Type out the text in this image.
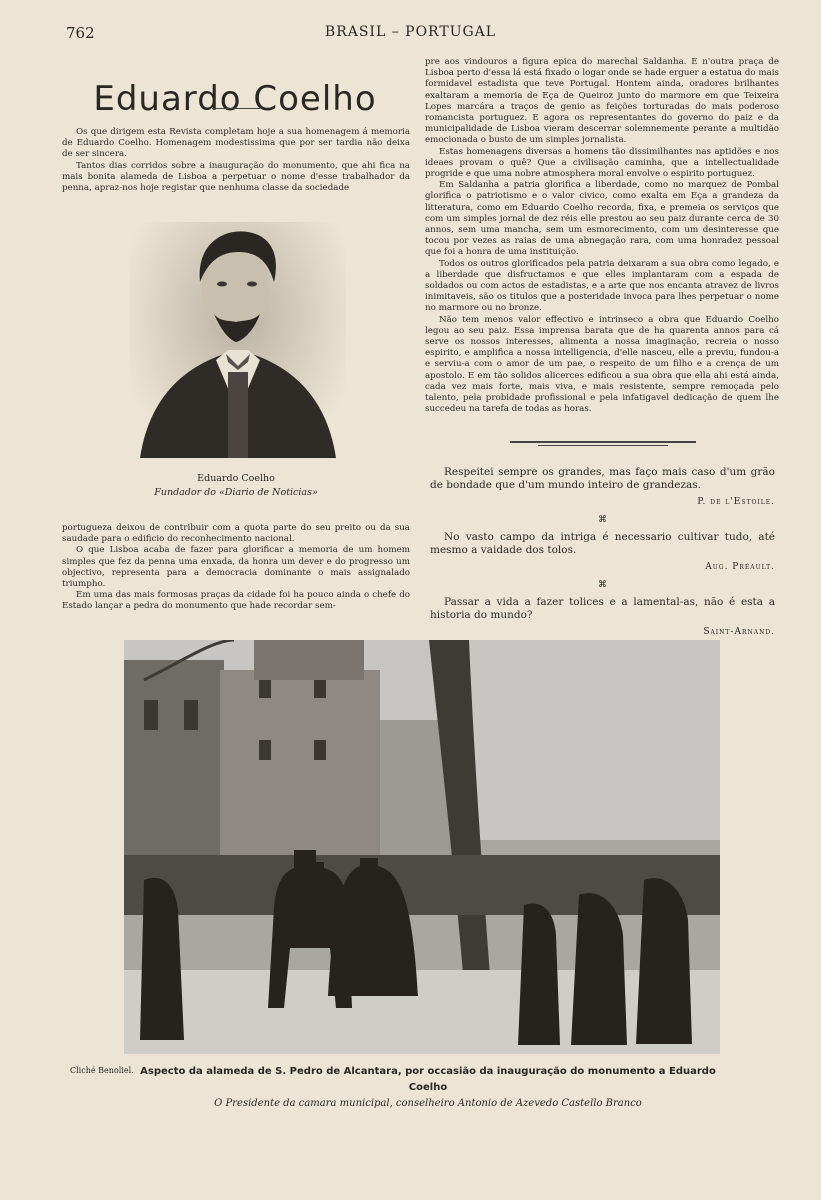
762	BRASIL – PORTUGAL
Eduardo Coelho

Os que dirigem esta Revista completam hoje a sua homenagem á memoria de Eduardo Coelho. Homenagem modestissima que por ser tardia não deixa de ser sincera.

Tantos dias corridos sobre a inauguração do monumento, que ahi fica na mais bonita alameda de Lisboa a perpetuar o nome d'esse trabalhador da penna, apraz-nos hoje registar que nenhuma classe da sociedade

Eduardo Coelho
Fundador do «Diario de Noticias»

portugueza deixou de contribuir com a quota parte do seu preito ou da sua saudade para o edificio do reconhecimento nacional.

O que Lisboa acaba de fazer para glorificar a memoria de um homem simples que fez da penna uma enxada, da honra um dever e do progresso um objectivo, representa para a democracia dominante o mais assignalado triumpho.

Em uma das mais formosas praças da cidade foi ha pouco ainda o chefe do Estado lançar a pedra do monumento que hade recordar sem-

pre aos vindouros a figura epica do marechal Saldanha. E n'outra praça de Lisboa perto d'essa lá está fixado o logar onde se hade erguer a estatua do mais formidavel estadista que teve Portugal. Hontem ainda, oradores brilhantes exaltaram a memoria de Eça de Queiroz junto do marmore em que Teixeira Lopes marcára a traços de genio as feições torturadas do mais poderoso romancista portuguez. E agora os representantes do governo do paiz e da municipalidade de Lisboa vieram descerrar solemnemente perante a multidão emocionada o busto de um simples jornalista.

Estas homenagens diversas a homens tão dissimilhantes nas aptidões e nos ideaes provam o quê? Que a civilisação caminha, que a intellectualidade progride e que uma nobre atmosphera moral envolve o espirito portuguez.

Em Saldanha a patria glorifica a liberdade, como no marquez de Pombal glorifica o patriotismo e o valor civico, como exalta em Eça a grandeza da litteratura, como em Eduardo Coelho recorda, fixa, e premeia os serviços que com um simples jornal de dez réis elle prestou ao seu paiz durante cerca de 30 annos, sem uma mancha, sem um esmorecimento, com um desinteresse que tocou por vezes as raias de uma abnegação rara, com uma honradez pessoal que foi a honra de uma instituição.

Todos os outros glorificados pela patria deixaram a sua obra como legado, e a liberdade que disfructamos e que elles implantaram com a espada de soldados ou com actos de estadistas, e a arte que nos encanta atravez de livros inimitaveis, são os titulos que a posteridade invoca para lhes perpetuar o nome no marmore ou no bronze.

Não tem menos valor effectivo e intrinseco a obra que Eduardo Coelho legou ao seu paiz. Essa imprensa barata que de ha quarenta annos para cá serve os nossos interesses, alimenta a nossa imaginação, recreia o nosso espirito, e amplifica a nossa intelligencia, d'elle nasceu, elle a previu, fundou-a e serviu-a com o amor de um pae, o respeito de um filho e a crença de um apostolo. E em tão solidos alicerces edificou a sua obra que ella ahi está ainda, cada vez mais forte, mais viva, e mais resistente, sempre remoçada pelo talento, pela probidade profissional e pela infatigavel dedicação de quem lhe succedeu na tarefa de todas as horas.

Respeitei sempre os grandes, mas faço mais caso d'um grão de bondade que d'um mundo inteiro de grandezas.

P. de l'Estoile.
⌘

No vasto campo da intriga é necessario cultivar tudo, até mesmo a vaidade dos tolos.

Aug. Préault.
⌘

Passar a vida a fazer tolices e a lamental-as, não é esta a historia do mundo?

Saint-Arnand.
Cliché Benoliel. Aspecto da alameda de S. Pedro de Alcantara, por occasião da inauguração do monumento a Eduardo Coelho
O Presidente da camara municipal, conselheiro Antonio de Azevedo Castello Branco
